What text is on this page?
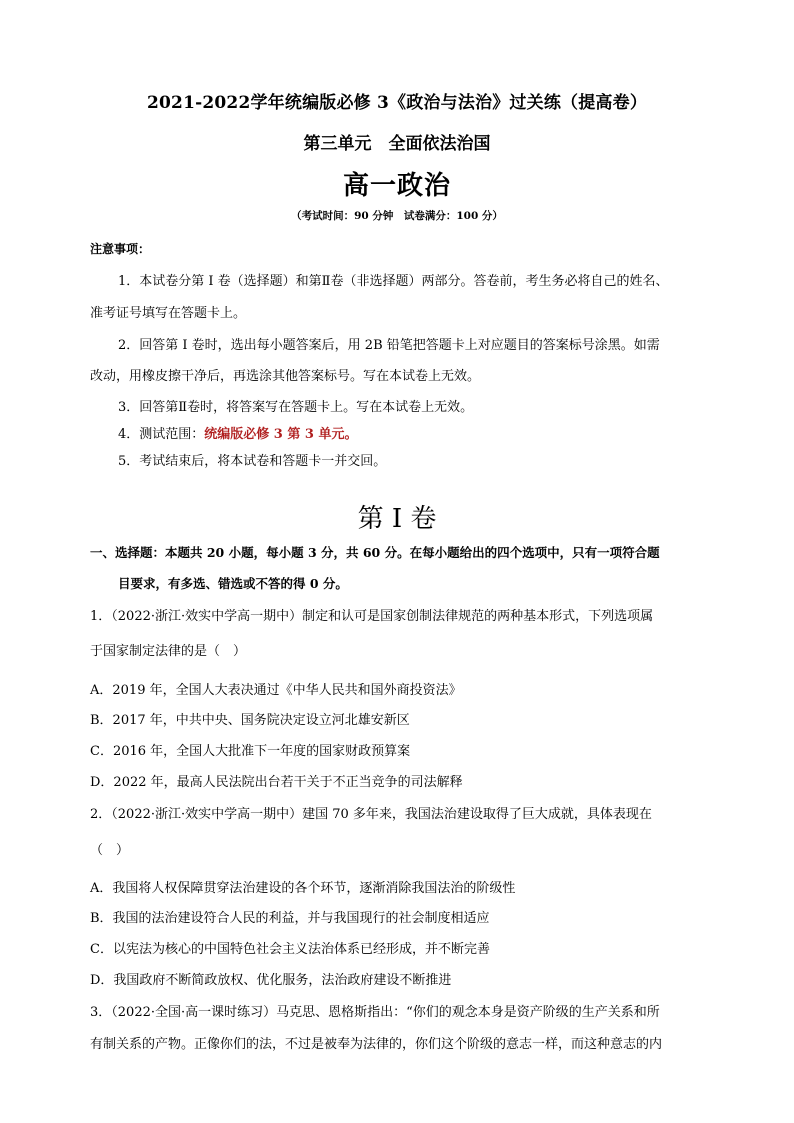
2021-2022学年统编版必修 3《政治与法治》过关练（提高卷）
第三单元　全面依法治国
高一政治
（考试时间：90 分钟　试卷满分：100 分）
注意事项：
1．本试卷分第 I 卷（选择题）和第Ⅱ卷（非选择题）两部分。答卷前，考生务必将自己的姓名、
准考证号填写在答题卡上。
2．回答第 I 卷时，选出每小题答案后，用 2B 铅笔把答题卡上对应题目的答案标号涂黑。如需
改动，用橡皮擦干净后，再选涂其他答案标号。写在本试卷上无效。
3．回答第Ⅱ卷时，将答案写在答题卡上。写在本试卷上无效。
4．测试范围：统编版必修 3 第 3 单元。
5．考试结束后，将本试卷和答题卡一并交回。
第 I 卷
一、选择题：本题共 20 小题，每小题 3 分，共 60 分。在每小题给出的四个选项中，只有一项符合题
目要求，有多选、错选或不答的得 0 分。
1．（2022·浙江·效实中学高一期中）制定和认可是国家创制法律规范的两种基本形式，下列选项属
于国家制定法律的是（　）
A．2019 年，全国人大表决通过《中华人民共和国外商投资法》
B．2017 年，中共中央、国务院决定设立河北雄安新区
C．2016 年，全国人大批准下一年度的国家财政预算案
D．2022 年，最高人民法院出台若干关于不正当竞争的司法解释
2．（2022·浙江·效实中学高一期中）建国 70 多年来，我国法治建设取得了巨大成就，具体表现在
（　）
A．我国将人权保障贯穿法治建设的各个环节，逐渐消除我国法治的阶级性
B．我国的法治建设符合人民的利益，并与我国现行的社会制度相适应
C．以宪法为核心的中国特色社会主义法治体系已经形成，并不断完善
D．我国政府不断简政放权、优化服务，法治政府建设不断推进
3．（2022·全国·高一课时练习）马克思、恩格斯指出：“你们的观念本身是资产阶级的生产关系和所
有制关系的产物。正像你们的法，不过是被奉为法律的，你们这个阶级的意志一样，而这种意志的内
